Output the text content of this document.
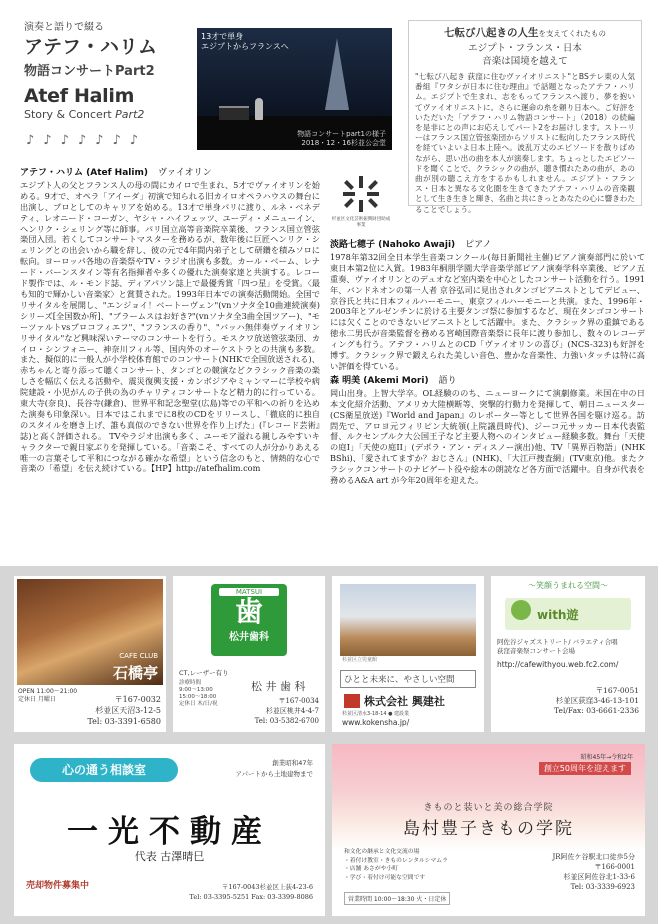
演奏と語りで綴る
アテフ・ハリム
物語コンサートPart2
Atef Halim
Story & Concert Part2
♪♪♪♪♪♪♪
13才で単身
エジプトからフランスへ
物語コンサートpart1の様子
2018・12・16杉並公会堂
七転び八起きの人生を支えてくれたもの
エジプト・フランス・日本
音楽は国境を越えて
"七転び八起き 荻窪に住むヴァイオリニスト"とBSテレ東の人気番組『ワタシが日本に住む理由』で話題となったアテフ・ハリム。エジプトで生まれ、志をもってフランスへ渡り、夢を抱いてヴァイオリニストに。さらに運命の糸を頼り日本へ。ご好評をいただいた「アテフ・ハリム物語コンサート」（2018）の続編を是非にとの声にお応えしてパート2をお届けします。ストーリーはフランス国立管弦楽団からソリストに転向したフランス時代を経ていよいよ日本上陸へ。波乱万丈のエピソードを散りばめながら、思い出の曲を本人が演奏します。ちょっとしたエピソードを聞くことで、クラシックの曲が、聴き慣れたあの曲が、あの曲が別の聴こえ方をするかもしれません。エジプト・フランス・日本と異なる文化圏を生きてきたアテフ・ハリムの音楽観として生き生きと輝き、名曲と共にきっとあなたの心に響きわたることでしょう。
杉並区文化芸術振興財団助成事業
アテフ・ハリム (Atef Halim) ヴァイオリン
エジプト人の父とフランス人の母の間にカイロで生まれ、5才でヴァイオリンを始める。9才で、オペラ「アイーダ」初演で知られる旧カイロオペラハウスの舞台に出演し、プロとしてのキャリアを始める。13才で単身パリに渡り、ルネ・ベネデティ、レオニード・コーガン、ヤシャ・ハイフェッツ、ユーディ・メニューイン、ヘンリク・シェリング等に師事。パリ国立高等音楽院卒業後、フランス国立管弦楽団入団。若くしてコンサートマスターを務めるが、数年後に巨匠ヘンリク・シェリングとの出会いから職を辞し、彼の元で4年間内弟子として研鑽を積みソロに転向。ヨーロッパ各地の音楽祭やTV・ラジオ出演も多数。カール・ベーム、レナード・バーンスタイン等有名指揮者や多くの優れた演奏家達と共演する。レコード製作では、ル・モンド誌、ディアパソン誌上で最優秀賞「四つ星」を受賞。〈最も知的で輝かしい音楽家〉と賞賛された。1993年日本での演奏活動開始。全国でリサイタルを展開し、"エンジョイ！ベートーヴェン"(vnソナタ全10曲連続演奏)シリーズ[全国数か所]、"ブラームスはお好き?"(vnソナタ全3曲全国ツアー)、"モーツァルトvsプロコフィエフ"、"フランスの香り"、"バッハ無伴奏ヴァイオリンリサイタル"など興味深いテーマのコンサートを行う。モスクワ放送管弦楽団、カイロ・シンフォニー、神奈川フィル等、国内外のオーケストラとの共演も多数。また、擬似的に一般人が小学校体育館でのコンサート(NHKで全国放送される)、赤ちゃんと寄り添って聴くコンサート、タンゴとの競演などクラシック音楽の楽しさを幅広く伝える活動や、震災復興支援・カンボジアやミャンマーに学校や病院建設・小児がんの子供の為のチャリティコンサートなど精力的に行っている。東大寺(奈良)、長谷寺(鎌倉)、世界平和記念聖堂(広島)等での平和への祈りを込めた演奏も印象深い。日本ではこれまでに8枚のCDをリリースし、「徹底的に独自のスタイルを磨き上げ、誰も真似のできない世界を作り上げた」(『レコード芸術』誌)と高く評価される。 TVやラジオ出演も多く、ユーモア溢れる親しみやすいキャラクターで親日家ぶりを発揮している。「音楽こそ、すべての人が分かりあえる唯一の言葉そして平和につながる確かな希望」という信念のもと、情熱的な心で音楽の「希望」を伝え続けている。【HP】http://atefhalim.com
淡路七穂子 (Nahoko Awaji) ピアノ
1978年第32回全日本学生音楽コンクール(毎日新聞社主催)ピアノ演奏部門に於いて東日本第2位に入賞。1983年桐朋学園大学音楽学部ピアノ演奏学科卒業後、ピアノ五重奏、ヴァイオリンとのデュオなど室内楽を中心としたコンサート活動を行う。1991年、バンドネオンの第一人者 京谷弘司に見出されタンゴピアニストとしてデビュー、京谷氏と共に日本フィルハーモニー、東京フィルハーモニーと共演。また、1996年・2003年とアルゼンチンに於ける主要タンゴ祭に参加するなど、現在タンゴコンサートには欠くことのできないピアニストとして活躍中。また、クラシック界の重鎮である徳永二男氏が音楽監督を務める宮崎国際音楽祭に長年に渡り参加し、数々のレコーディングも行う。アテフ・ハリムとのCD「ヴァイオリンの喜び」(NCS-323)も好評を博す。クラシック界で鍛えられた美しい音色、豊かな音楽性、力強いタッチは特に高い評価を得ている。
森 明美 (Akemi Mori) 語り
岡山出身。上智大学卒。OL経験ののち、ニューヨークにて演劇修業。米国在中の日本文化紹介活動、アメリカ大陸横断等、突撃的行動力を発揮して、朝日ニュースター(CS衛星放送)『World and Japan』のレポーター等として世界各国を駆け巡る。訪問先で、アロヨ元フィリピン大統領(上院議員時代)、ジーコ元サッカー日本代表監督、ルクセンブルク大公国王子など主要人物へのインタビュー経験多数。舞台「天使の庭I」「天使の庭II」(デボラ・アン・ディスノー演出)他、TV「異界百物語」(NHK BShi)、「愛されてますか？おじさん」(NHK)、「大江戸捜査網」(TV東京)他。またクラシックコンサートのナビゲート役や絵本の朗読など各方面で活躍中。自身が代表を務めるA&A art が今年20周年を迎えた。
CAFE CLUB
石橋亭
OPEN 11:00〜21:00
定休日 月曜日	〒167-0032
杉並区天沼3-12-5
Tel: 03-3391-6580
MATSUI
歯
松井歯科
CT,レーザー有り
診療時間
9:00〜13:00
15:00〜18:00
定休日 木/日/祝
松 井 歯 科
〒167-0034
杉並区桃井4-4-7
Tel: 03-5382-6700
杉並区立児童館
ひとと未来に、やさしい空間
株式会社 興建社
杉並区清水3-18-14 ● 建設業
www.kokensha.jp/
〜笑顔うまれる空間〜
with遊
阿佐谷ジャズストリート/ バラエティ合唱
荻窪音楽祭コンサート会場
http://cafewithyou.web.fc2.com/
〒167-0051
杉並区荻窪3-46-13-101
Tel/Fax: 03-6661-2336
心の通う相談室	創業昭和47年
アパートから土地建物まで
一光不動産
代表 古澤晴巳
売却物件募集中	〒167-0043杉並区上荻4-23-6
Tel: 03-3395-5251 Fax: 03-3399-8086
昭和45年→令和2年
創立50周年を迎えます
きものと装いと美の総合学院
島村豊子きもの学院
和文化の継承と文化交流の場
・着付け教室・きものレンタルシマムラ
・店舗 あさがや小町
・学び・着付け可能な空間です
営業時間 10:00〜18:30 火・日定休
JR阿佐ケ谷駅北口徒歩5分
〒166-0001
杉並区阿佐谷北1-33-6
Tel: 03-3339-6923
